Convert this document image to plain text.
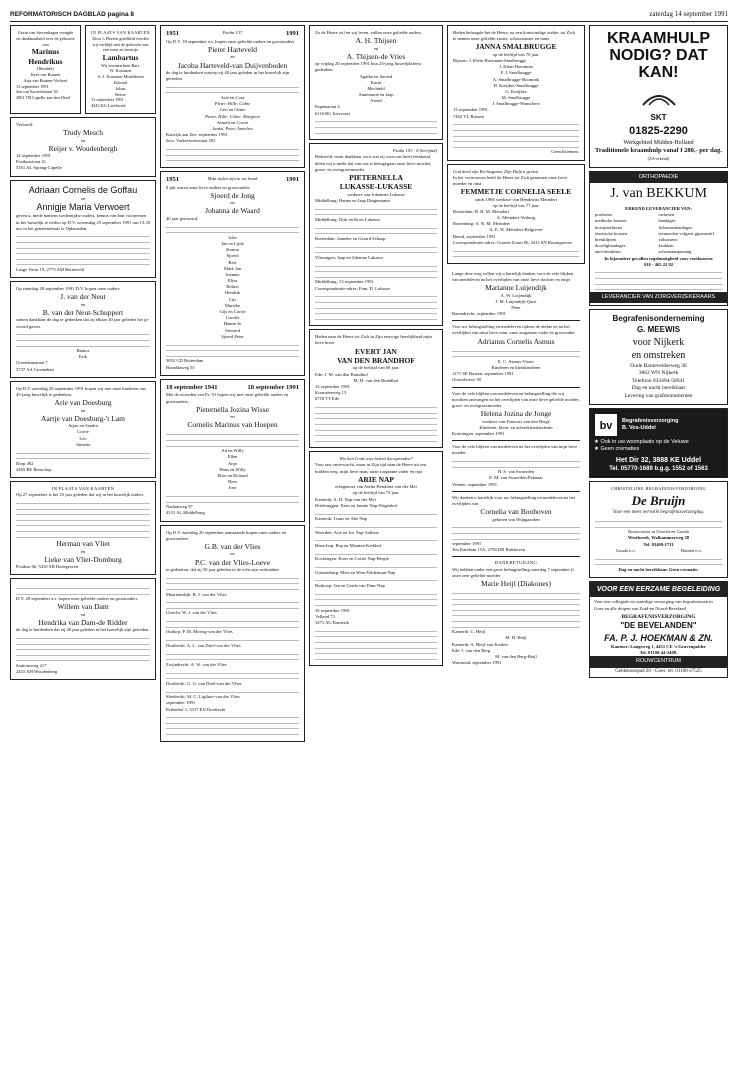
REFORMATORISCH DAGBLAD pagina 8	zaterdag 14 september 1991
Gezin van Stevenhagen vreugde en dankbaarheid over de geboorte van
Marinus Hendrikus
(Hendrik)
Kees van Buuren
Arja van Buuren-Verhoef
13 september 1991
Jan van Kasteelstraat 56
2901 TB Capelle aan den IJssel
IN PLAATS VAN KAARTEN
Door 's Heeren goedheid werden wij verblijd met de geboorte van een zoon en broertje
Lambartus
Wij noemen hem Bart.
W. Kostaans
A. J. Kostaans-Mittelderen
Edward
Johan
Betsie
13 september 1991
4345 KG Leerbroek
Verloofd:
Trudy Mesch
en
Reijer v. Woudenbergh
14 september 1991
Postbusstraat 41
5161 AL Sprang-Capelle
Adriaan Cornelis de Goffau
en
Annigje Maria Verwoert
geven u, mede namens wederzijdse ouders, kennis van hun voornemen in het huwelijk te treden op D.V. woensdag 25 september 1991 om 13.30 uur in het gemeentehuis te Opheusden.
Laage Vorm 19, 2770 AM Barneveld
Op zaterdag 28 september 1991 D.V. hopen onze ouders
J. van der Neut
en
B. van der Neut-Schuppert
samen dankbaar de dag te gedenken dat zij elkaar 40 jaar geleden het ja-woord gaven.
Bianca
Erik
Groenkanstraat 7
3737 AA Groenekan
Op D.V. zaterdag 28 september 1991 hopen wij met onze kinderen ons 45-jarig huwelijk te gedenken.
Arie van Doesburg
en
Aartje van Doesburg-'t Lam
Arjan en Sandra
Corrie
Leo
Annetta
Dorp 382
3405 BE Benschop
IN PLAATS VAN KAARTEN
Op 27 september is het 25 jaar geleden dat wij in het huwelijk traden.
Herman van Vliet
en
Lieke van Vliet-Domburg
Postbus 66, 5410 AB Bodegraven
D.V. 20 september a.s. hopen onze geliefde ouders en grootouders
Willem van Dam
en
Hendrika van Dam-de Ridder
de dag te herdenken dat zij 40 jaar geleden in het huwelijk zijn getreden.
Stationsweg 217
2431 XH Woudenberg
1951	Psalm 137	1991
Op D.V. 18 september a.s. hopen onze geliefde ouders en grootouders
Pieter Harteveld
en
Jacoba Harteveld-van Duijvenboden
de dag te herdenken waarop zij 40 jaar geleden in het huwelijk zijn getreden.
Arie en Cora
Pieter, Hille, Cobie
Gert en Oenie
Pieter, Hille, Cobie, Margreet
Arnold en Corrie
Janko, Peter, Annelies
Katwijk aan Zee, september 1991
Secr. Varkevisserstraat 201
1951	Mijn tijden zijn in uw hand	1991
8 juli waren onze lieve ouders en grootouders
Sjoerd de Jong
en
Johanna de Waard
40 jaar getrouwd.
Joke
Jan en Lijda
Karina
Sjoerd
Bert
Mark Jan
Joannie
Elisa
Robert
Hendrik
Cijs
Marieke
Gijs en Corrie
Corolie
Hanne-Jo
Siewerd
Sjoerd Peter
3052 GD Rotterdam
Bonaldaweg 55
18 september 1941	18 september 1991
Met de woorden van Ps. 91 hopen wij met onze geliefde ouders en grootouders
Pieternella Jozina Wisse
en
Cornelis Marinus van Hoepen
Ad en Willy
Ellen
Anjo
Hans en Willy
Elise en Richard
Rien
Jose
Nathanweg 97
4331 AL Middelburg
Op D.V. zaterdag 20 september aanstaande hopen onze ouders en grootouders
G.B. van der Vlies
en
P.C. van der Vlies-Loeve
te gedenken, dat zij 50 jaar geleden in de echt zijn verbonden.
Maartensdijk: B. J. van der Vlies
Utrecht: W. J. van der Vlies
Oudorp: P. M. Moerig-van der Vlies
Dordrecht: A. L. van Driel-van der Vlies
Zwijndrecht: A. W. van der Vlies
Dordrecht: G. G. van Driel-van der Vlies
Sliedrecht: M. G. Ligthart-van der Vlies
september 1991
Peltenhof 1, 3317 EN Dordrecht
Zo de Heere wil en wij leven, zullen onze geliefde ouders
A. H. Thijsen
en
A. Thijsen-de Vries
op vrijdag 20 september 1991 hun 25-jarig huwelijksfeest gedenken.
Agatha en Savard
Karin
Mechteld
Annemarie en Jaap
Arend
Papenstraat 4
6116 BG Ittervoort
Psalm 103 : 8 (berijmd)
Bedroefd, maar dankbaar voor wat zij voor ons heeft betekend, delen wij u mede dat van ons is heengegaan onze lieve moeder, groot- en overgrootmoeder
PIETERNELLA
LUKASSE-LUKASSE
weduwe van Johannes Lukasse
Middelburg: Hanna en Jaap Dingemanse
Middelburg: Dirk en Koos Lukasse
Rotterdam: Janneke en Gerard Schaap
Vlissingen: Jaap en Johanna Lukasse
Middelburg, 13 september 1991
Correspondentie-adres: Fam. D. Lukasse
Heden nam de Heere tot Zich in Zijn eeuwige heerlijkheid mijn lieve broer
EVERT JAN
VAN DEN BRANDHOF
op de leeftijd van 68 jaar.
Ede: J. M. van den Brandhof
M. H. van den Brandhof
13 september 1991
Kromsteeweg 13
6718 TT Ede
Wie kan Gods wijs beleid doorgronden?
Voor ons onverwacht, maar in Zijn tijd nam de Heere uit ons midden weg, mijn lieve man, onze zorgzame vader en opa
ARIE NAP
echtgenoot van Aletta Hendrina van der Mei
op de leeftijd van 73 jaar.
Kamerik: A. H. Nap-van der Mei
Driebruggen: Kees en Jannie Nap-Wagenhof
Kamerik: Truus en Alie Nap
Woerden: Arie en Jos Nap-Aalbers
Benschop: Bep en Maarten Kerkhof
Kockengen: Koos en Corrie Nap-Bergie
Giessenburg: Mies en Wim Polderman-Nap
Boskoop: Jan en Gerda van Dam-Nap
16 september 1991
Vellend 73
3471 AG Kamerik
Heden behaagde het de Heere, na een kortstondige ziekte, tot Zich te nemen onze geliefde zuster, schoonzuster en tante
JANNA SMALBRUGGE
op de leeftijd van 70 jaar.
Rijssen: J. Klein Horstman-Smalbrugge
J. Klein Horstman
F. J. Smalbrugge
A. Smalbrugge-Boomink
H. Kreijkes-Smalbrugge
G. Kreijkes
M. Smalbrugge
J. Smalbrugge-Wanschers
13 september 1991
7462 VL Rijssen
Geen bloemen.
God deed zijn Rechtsgunst, Zijn Hulp u gezien
In het vertrouwen heeft de Heere tot Zich genomen onze lieve moeder en oma
FEMMETJE CORNELIA SEELE
sinds 1986 weduwe van Hendricus Meindert
op de leeftijd van 77 jaar.
Rotterdam: B. H. M. Meindert
A. Meindert-Verburg
Rozenburg: A. N. M. Meindert
A. E. W. Meindert-Belgrever
Beesd, september 1991
Correspondentie-adres: Groene Zoom 86, 3411 SN Rosengraven
Lange dese weg willen wij u hartelijk danken voor de vele blijken van medeleven na het overlijden van onze lieve dochter en zusje
Marianne Luijendijk
A. W. Luijendijk
J. M. Luijendijk-Quist
Peter
Barendrecht, september 1991
Voor uw belangstelling en medeleven tijdens de ziekte en na het overlijden van mijn lieve man, onze zorgzame vader en grootvader
Adrianus Cornelis Asmus
E. C. Asmus-Visser
Kinderen en kleinkinderen
1271 SE Huizen, september 1991
Oosterhoeve 38
Voor de vele blijken van medeleven en belangstelling die wij mochten ontvangen na het overlijden van onze lieve geliefde moeder, groot- en overgrootmoeder
Helena Jozina de Jonge
weduwe van Francois van den Berge
Kinderen, klein- en achterkleinkinderen
Kruiningen, september 1991
Voor de vele blijken van medeleven na het overlijden van mijn lieve moeder
H. S. van Swaerden
E. M. van Swaerden-Peknaar
Veenen, september 1991
Wij danken u hartelijk voor uw belangstelling en medeleven na het overlijden van
Cornelia van Boohoven
geboren van Wijngaarden
september 1991
Ten Katelaan 15A, 2790 DR Birkhoven
DANKBETUIGING
Wij hebben onder een grote belangstelling zaterdag 7 september jl. onze zeer geliefde moeder
Marie Heijl (Diakones)
Kamerik: C. Heijl
M. H. Heijl
Kamerik: A. Heijl-van Keulen
Ede: J. van den Berg
M. van den Berg-Heijl
Warmond, september 1991
KRAAMHULP NODIG? DAT KAN!
SKT
01825-2290
Werkgebied Midden-Holland
Traditionele kraamhulp vanaf f 280,- per dag.
(ZA-erkend)
ORTHOPAEDIE
J. van BEKKUM
ERKEND LEVERANCIER VAN:
protheses	orthesen
medische kousen	bandages
borstprothesen	lichaamsbandages
elastische kousen	steunzolen volgens gipsmodel
breuklijnen	zitkussens
doorligbandages	krukken
anti-decubitus	schoenaanpassing
In bijzondere gevallen regelmatigheid voor voetkussens
010 - 465 22 92
LEVERANCIER VAN ZORGVERZEKERAARS
Begrafenisonderneming
G. MEEWIS
voor Nijkerk
en omstreken
Oude Barneveldseweg 38
3862 WN Nijkerk
Telefoon 033494-58941
Dag en nacht bereikbaar
Levering van grafmonumenten
bv Begrafenisverzorging
B. Vos-Uddel
★ Ook in uw woonplaats op de Veluwe
★ Geen crematies
Het Dir 32, 3888 KE Uddel
Tel. 05770-1689 b.g.g. 1552 of 1563
CHRISTELIJKE BEGRAFENISVERZORGING
De Bruijn
Voor een meer eervolle begrafenisverzorging.
Rouwcentra in Utrecht en Gouda
Westbroek, Walkammerweg 28
Tel. 03469-1711
Gouda e.o.	Houten e.o.
Dag en nacht bereikbaar. Geen crematie.
VOOR EEN EERZAME BEGELEIDING
Voor een collegiale en waardige verzorging van begrafenissen in Goes en alle dorpen van Zuid-en Noord-Beveland.
BEGRAFENISVERZORGING
"DE BEVELANDEN"
FA. P. J. HOEKMAN & ZN.
Kantoor: Langeweg 1, 4431 CE 's-Gravenpolder
Tel. 01100-44-2408.
ROUWCENTRUM
Geldeloosspad 20 · Goes. tel. 01100-27525
